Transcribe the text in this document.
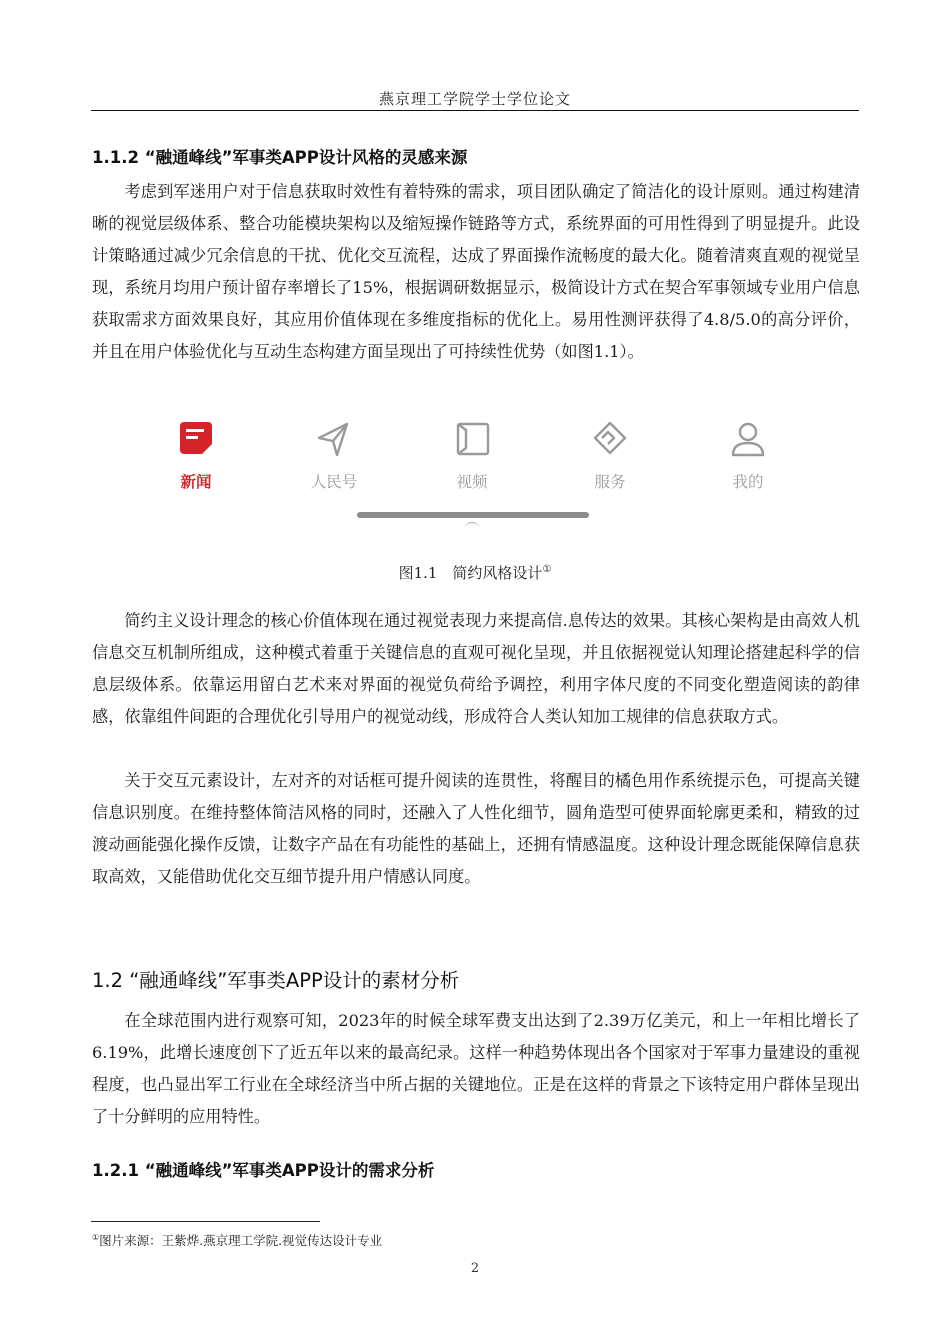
燕京理工学院学士学位论文
1.1.2 “融通峰线”军事类APP设计风格的灵感来源

考虑到军迷用户对于信息获取时效性有着特殊的需求，项目团队确定了简洁化的设计原则。通过构建清晰的视觉层级体系、整合功能模块架构以及缩短操作链路等方式，系统界面的可用性得到了明显提升。此设计策略通过减少冗余信息的干扰、优化交互流程，达成了界面操作流畅度的最大化。随着清爽直观的视觉呈现，系统月均用户预计留存率增长了15%，根据调研数据显示，极简设计方式在契合军事领域专业用户信息获取需求方面效果良好，其应用价值体现在多维度指标的优化上。易用性测评获得了4.8/5.0的高分评价，并且在用户体验优化与互动生态构建方面呈现出了可持续性优势（如图1.1）。

新闻	人民号	视频	服务	我的
图1.1　简约风格设计①

简约主义设计理念的核心价值体现在通过视觉表现力来提高信.息传达的效果。其核心架构是由高效人机信息交互机制所组成，这种模式着重于关键信息的直观可视化呈现，并且依据视觉认知理论搭建起科学的信息层级体系。依靠运用留白艺术来对界面的视觉负荷给予调控，利用字体尺度的不同变化塑造阅读的韵律感，依靠组件间距的合理优化引导用户的视觉动线，形成符合人类认知加工规律的信息获取方式。

关于交互元素设计，左对齐的对话框可提升阅读的连贯性，将醒目的橘色用作系统提示色，可提高关键信息识别度。在维持整体简洁风格的同时，还融入了人性化细节，圆角造型可使界面轮廓更柔和，精致的过渡动画能强化操作反馈，让数字产品在有功能性的基础上，还拥有情感温度。这种设计理念既能保障信息获取高效，又能借助优化交互细节提升用户情感认同度。

1.2 “融通峰线”军事类APP设计的素材分析

在全球范围内进行观察可知，2023年的时候全球军费支出达到了2.39万亿美元，和上一年相比增长了6.19%，此增长速度创下了近五年以来的最高纪录。这样一种趋势体现出各个国家对于军事力量建设的重视程度，也凸显出军工行业在全球经济当中所占据的关键地位。正是在这样的背景之下该特定用户群体呈现出了十分鲜明的应用特性。

1.2.1 “融通峰线”军事类APP设计的需求分析
①图片来源：王紫烨.燕京理工学院.视觉传达设计专业
2
